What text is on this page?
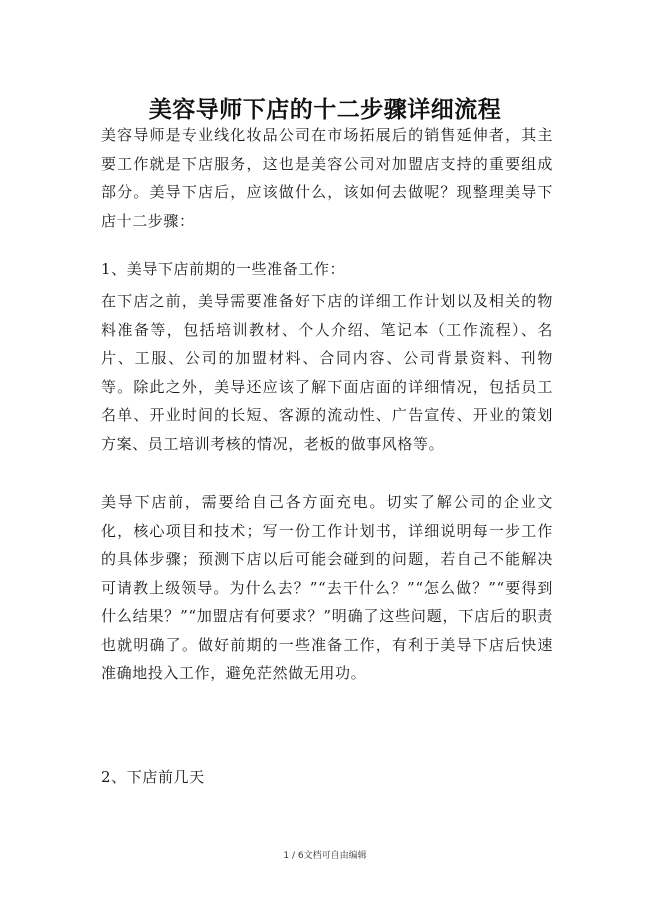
美容导师下店的十二步骤详细流程

美容导师是专业线化妆品公司在市场拓展后的销售延伸者，其主要工作就是下店服务，这也是美容公司对加盟店支持的重要组成部分。美导下店后，应该做什么，该如何去做呢？现整理美导下店十二步骤：

1、美导下店前期的一些准备工作：

在下店之前，美导需要准备好下店的详细工作计划以及相关的物料准备等，包括培训教材、个人介绍、笔记本（工作流程）、名片、工服、公司的加盟材料、合同内容、公司背景资料、刊物等。除此之外，美导还应该了解下面店面的详细情况，包括员工名单、开业时间的长短、客源的流动性、广告宣传、开业的策划方案、员工培训考核的情况，老板的做事风格等。

美导下店前，需要给自己各方面充电。切实了解公司的企业文化，核心项目和技术；写一份工作计划书，详细说明每一步工作的具体步骤；预测下店以后可能会碰到的问题，若自己不能解决可请教上级领导。为什么去？”“去干什么？”“怎么做？”“要得到什么结果？”“加盟店有何要求？”明确了这些问题，下店后的职责也就明确了。做好前期的一些准备工作，有利于美导下店后快速准确地投入工作，避免茫然做无用功。

2、下店前几天

1 / 6文档可自由编辑
